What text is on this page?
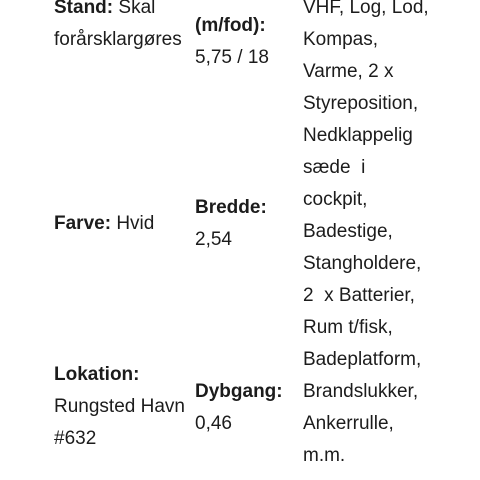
Stand: Skal
forårsklargøres
Farve: Hvid
Lokation:
Rungsted Havn
#632
(m/fod):
5,75 / 18
Bredde:
2,54
Dybgang:
0,46
VHF, Log, Lod,
Kompas,
Varme, 2 x
Styreposition,
Nedklappelig
sæde  i
cockpit,
Badestige,
Stangholdere,
2  x Batterier,
Rum t/fisk,
Badeplatform,
Brandslukker,
Ankerrulle,
m.m.
